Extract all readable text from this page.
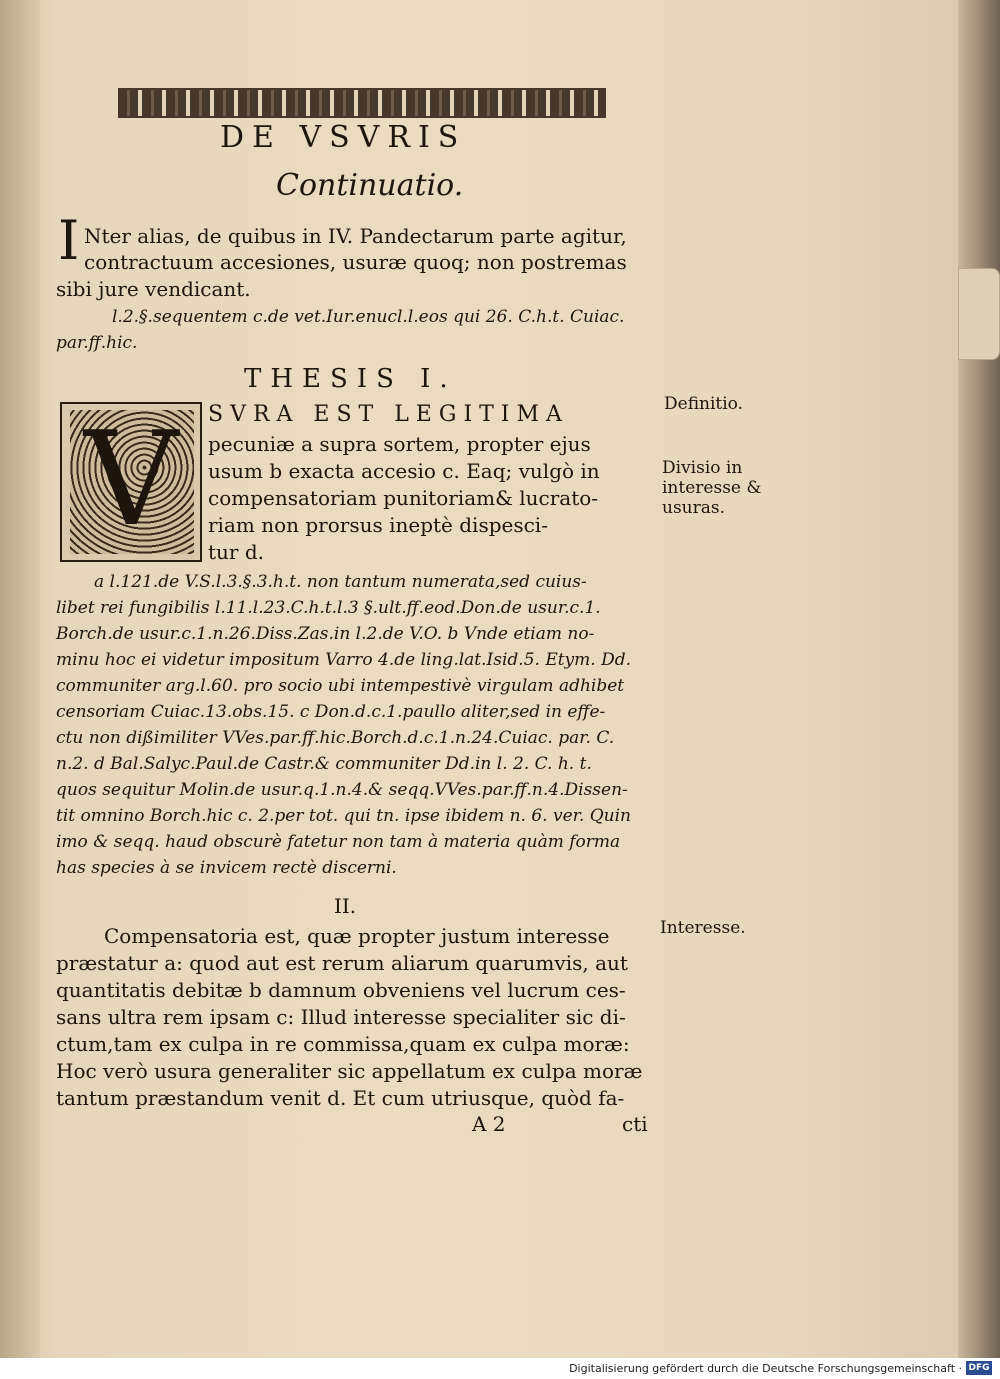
DE VSVRIS
Continuatio.
I Nter alias, de quibus in IV. Pandectarum parte agitur,
contractuum accesiones, usuræ quoq; non postremas
sibi jure vendicant.
l.2.§.sequentem c.de vet.Iur.enucl.l.eos qui 26. C.h.t. Cuiac.
par.ff.hic.
THESIS I.
V	SVRA EST LEGITIMA
pecuniæ a supra sortem, propter ejus
usum b exacta accesio c. Eaq; vulgò in
compensatoriam punitoriam& lucrato-
riam non prorsus ineptè dispesci-
tur d.
Definitio.
Divisio in
interesse &
usuras.
a l.121.de V.S.l.3.§.3.h.t. non tantum numerata,sed cuius-
libet rei fungibilis l.11.l.23.C.h.t.l.3 §.ult.ff.eod.Don.de usur.c.1.
Borch.de usur.c.1.n.26.Diss.Zas.in l.2.de V.O. b Vnde etiam no-
minu hoc ei videtur impositum Varro 4.de ling.lat.Isid.5. Etym. Dd.
communiter arg.l.60. pro socio ubi intempestivè virgulam adhibet
censoriam Cuiac.13.obs.15. c Don.d.c.1.paullo aliter,sed in effe-
ctu non dißimiliter VVes.par.ff.hic.Borch.d.c.1.n.24.Cuiac. par. C.
n.2. d Bal.Salyc.Paul.de Castr.& communiter Dd.in l. 2. C. h. t.
quos sequitur Molin.de usur.q.1.n.4.& seqq.VVes.par.ff.n.4.Dissen-
tit omnino Borch.hic c. 2.per tot. qui tn. ipse ibidem n. 6. ver. Quin
imo & seqq. haud obscurè fatetur non tam à materia quàm forma
has species à se invicem rectè discerni.
II.
Interesse.
Compensatoria est, quæ propter justum interesse
præstatur a: quod aut est rerum aliarum quarumvis, aut
quantitatis debitæ b damnum obveniens vel lucrum ces-
sans ultra rem ipsam c: Illud interesse specialiter sic di-
ctum,tam ex culpa in re commissa,quam ex culpa moræ:
Hoc verò usura generaliter sic appellatum ex culpa moræ
tantum præstandum venit d. Et cum utriusque, quòd fa-
A 2	cti
Digitalisierung gefördert durch die Deutsche Forschungsgemeinschaft · DFG
